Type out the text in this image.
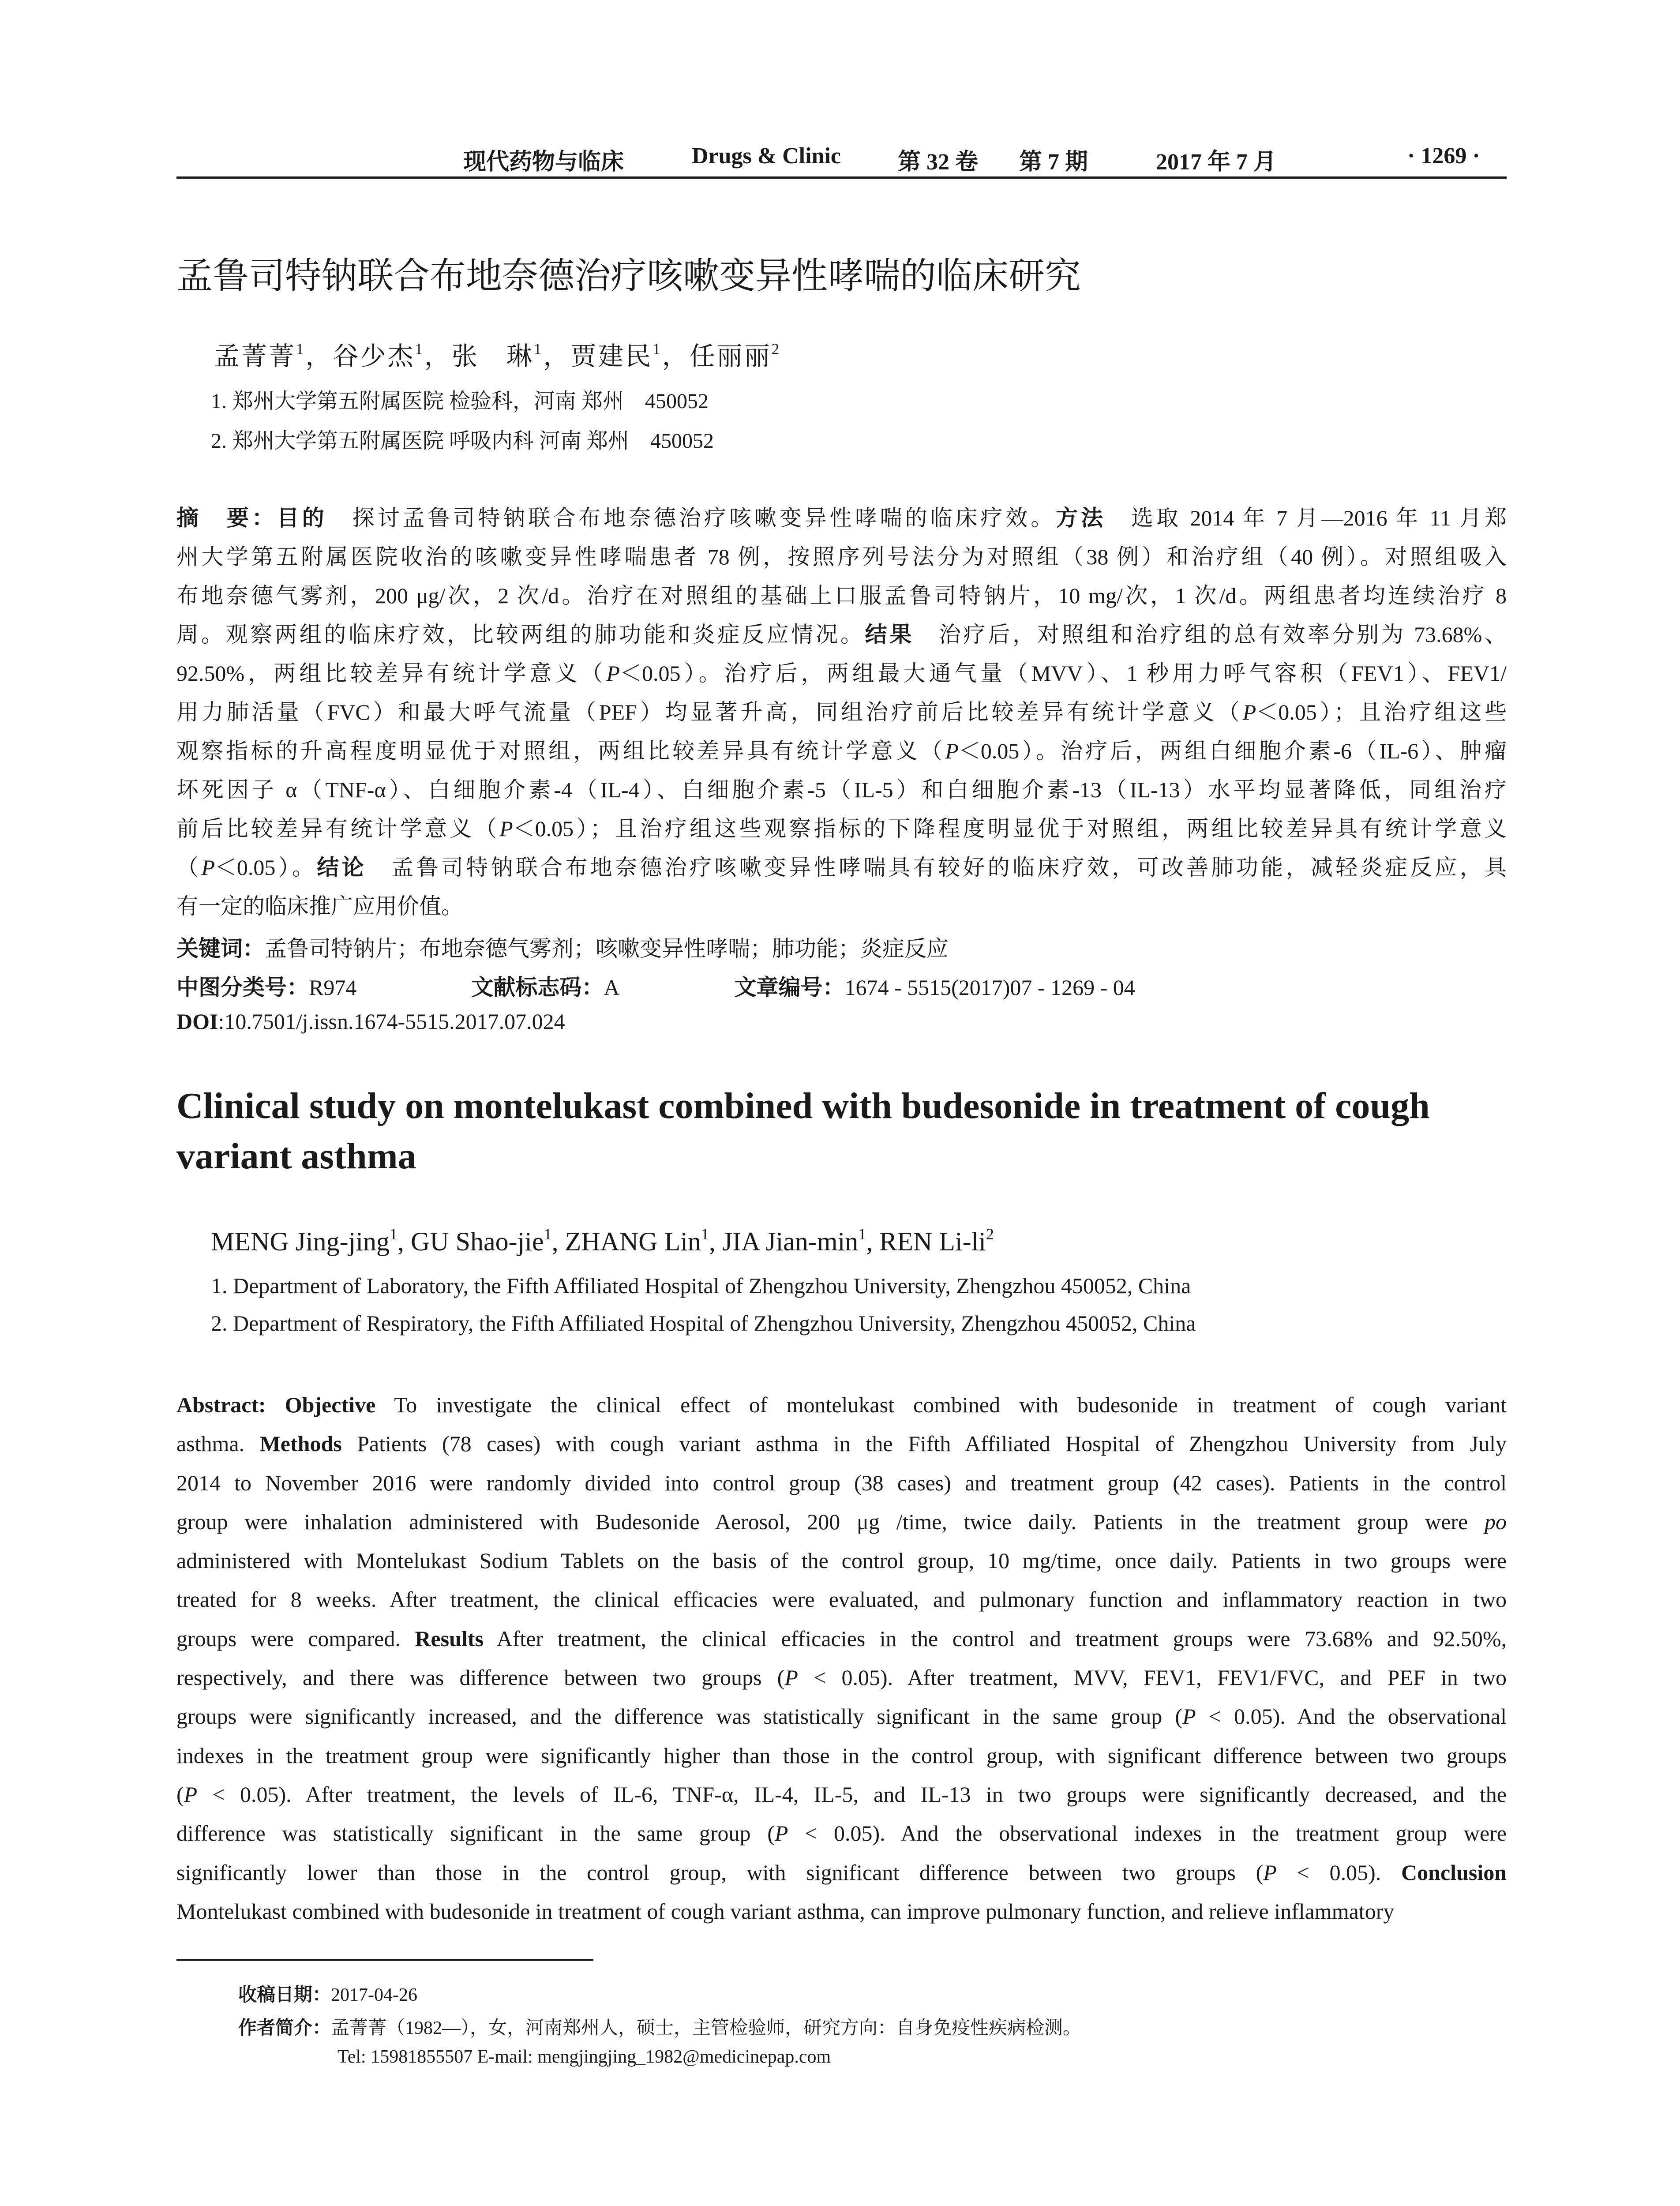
现代药物与临床	Drugs & Clinic 第 32 卷 第 7 期	2017 年 7 月	· 1269 ·
孟鲁司特钠联合布地奈德治疗咳嗽变异性哮喘的临床研究
孟菁菁$^1$，谷少杰$^1$，张　琳$^1$，贾建民$^1$，任丽丽$^2$
1. 郑州大学第五附属医院 检验科，河南 郑州　450052
2. 郑州大学第五附属医院 呼吸内科 河南 郑州　450052
摘　要：目的　探讨孟鲁司特钠联合布地奈德治疗咳嗽变异性哮喘的临床疗效。方法　选取 2014 年 7 月—2016 年 11 月郑
州大学第五附属医院收治的咳嗽变异性哮喘患者 78 例，按照序列号法分为对照组（38 例）和治疗组（40 例）。对照组吸入
布地奈德气雾剂，200 μg/次，2 次/d。治疗在对照组的基础上口服孟鲁司特钠片，10 mg/次，1 次/d。两组患者均连续治疗 8
周。观察两组的临床疗效，比较两组的肺功能和炎症反应情况。结果　治疗后，对照组和治疗组的总有效率分别为 73.68%、
92.50%，两组比较差异有统计学意义（P＜0.05）。治疗后，两组最大通气量（MVV）、1 秒用力呼气容积（FEV1）、FEV1/
用力肺活量（FVC）和最大呼气流量（PEF）均显著升高，同组治疗前后比较差异有统计学意义（P＜0.05）；且治疗组这些
观察指标的升高程度明显优于对照组，两组比较差异具有统计学意义（P＜0.05）。治疗后，两组白细胞介素-6（IL-6）、肿瘤
坏死因子 α（TNF-α）、白细胞介素-4（IL-4）、白细胞介素-5（IL-5）和白细胞介素-13（IL-13）水平均显著降低，同组治疗
前后比较差异有统计学意义（P＜0.05）；且治疗组这些观察指标的下降程度明显优于对照组，两组比较差异具有统计学意义
（P＜0.05）。结论　孟鲁司特钠联合布地奈德治疗咳嗽变异性哮喘具有较好的临床疗效，可改善肺功能，减轻炎症反应，具
有一定的临床推广应用价值。
关键词：孟鲁司特钠片；布地奈德气雾剂；咳嗽变异性哮喘；肺功能；炎症反应
中图分类号：R974	文献标志码：A	文章编号：1674 - 5515(2017)07 - 1269 - 04
DOI:10.7501/j.issn.1674-5515.2017.07.024
Clinical study on montelukast combined with budesonide in treatment of cough variant asthma
MENG Jing-jing$^1$, GU Shao-jie$^1$, ZHANG Lin$^1$, JIA Jian-$\min^1$, REN $Li-li^2$
1. Department of Laboratory, the Fifth Affiliated Hospital of Zhengzhou University, Zhengzhou 450052, China
2. Department of Respiratory, the Fifth Affiliated Hospital of Zhengzhou University, Zhengzhou 450052, China
Abstract: Objective To investigate the clinical effect of montelukast combined with budesonide in treatment of cough variant
asthma. Methods Patients (78 cases) with cough variant asthma in the Fifth Affiliated Hospital of Zhengzhou University from July
2014 to November 2016 were randomly divided into control group (38 cases) and treatment group (42 cases). Patients in the control
group were inhalation administered with Budesonide Aerosol, 200 μg /time, twice daily. Patients in the treatment group were po
administered with Montelukast Sodium Tablets on the basis of the control group, 10 mg/time, once daily. Patients in two groups were
treated for 8 weeks. After treatment, the clinical efficacies were evaluated, and pulmonary function and inflammatory reaction in two
groups were compared. Results After treatment, the clinical efficacies in the control and treatment groups were 73.68% and 92.50%,
respectively, and there was difference between two groups (P < 0.05). After treatment, MVV, FEV1, FEV1/FVC, and PEF in two
groups were significantly increased, and the difference was statistically significant in the same group (P < 0.05). And the observational
indexes in the treatment group were significantly higher than those in the control group, with significant difference between two groups
(P < 0.05). After treatment, the levels of IL-6, TNF-α, IL-4, IL-5, and IL-13 in two groups were significantly decreased, and the
difference was statistically significant in the same group (P < 0.05). And the observational indexes in the treatment group were
significantly lower than those in the control group, with significant difference between two groups (P < 0.05). Conclusion
Montelukast combined with budesonide in treatment of cough variant asthma, can improve pulmonary function, and relieve inflammatory
收稿日期：2017-04-26
作者简介：孟菁菁（1982—），女，河南郑州人，硕士，主管检验师，研究方向：自身免疫性疾病检测。
Tel: 15981855507 E-mail: mengjingjing_1982@medicinepap.com
